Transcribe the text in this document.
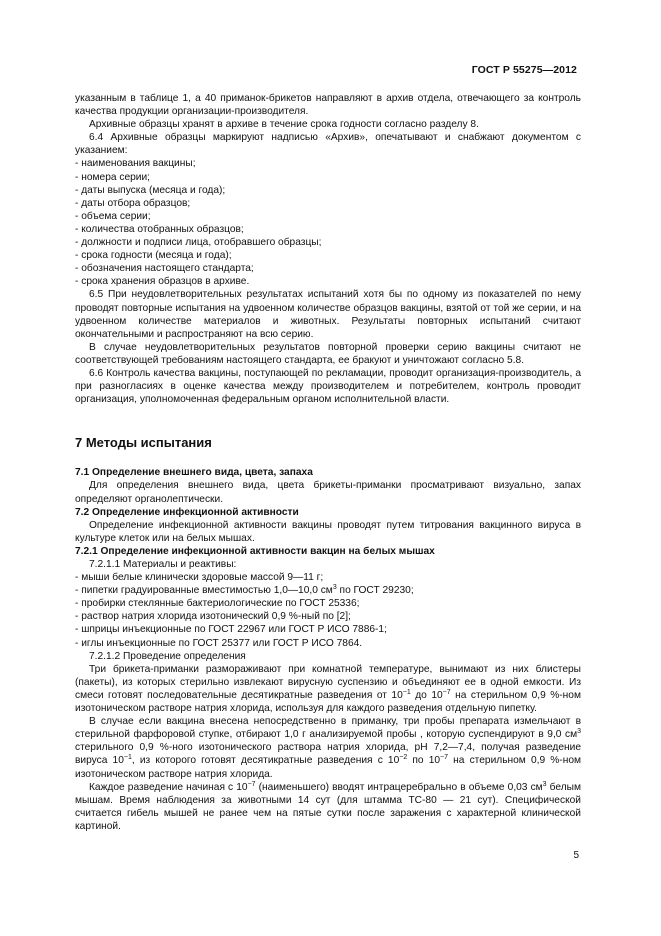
ГОСТ Р 55275—2012

указанным в таблице 1, а 40 приманок-брикетов направляют в архив отдела, отвечающего за контроль качества продукции организации-производителя.

Архивные образцы хранят в архиве в течение срока годности согласно разделу 8.

6.4 Архивные образцы маркируют надписью «Архив», опечатывают и снабжают документом с указанием:

- наименования вакцины;

- номера серии;

- даты выпуска (месяца и года);

- даты отбора образцов;

- объема серии;

- количества отобранных образцов;

- должности и подписи лица, отобравшего образцы;

- срока годности (месяца и года);

- обозначения настоящего стандарта;

- срока хранения образцов в архиве.

6.5 При неудовлетворительных результатах испытаний хотя бы по одному из показателей по нему проводят повторные испытания на удвоенном количестве образцов вакцины, взятой от той же серии, и на удвоенном количестве материалов и животных. Результаты повторных испытаний считают окончательными и распространяют на всю серию.

В случае неудовлетворительных результатов повторной проверки серию вакцины считают не соответствующей требованиям настоящего стандарта, ее бракуют и уничтожают согласно 5.8.

6.6 Контроль качества вакцины, поступающей по рекламации, проводит организация-производитель, а при разногласиях в оценке качества между производителем и потребителем, контроль проводит организация, уполномоченная федеральным органом исполнительной власти.

7 Методы испытания

7.1 Определение внешнего вида, цвета, запаха

Для определения внешнего вида, цвета брикеты-приманки просматривают визуально, запах определяют органолептически.

7.2 Определение инфекционной активности

Определение инфекционной активности вакцины проводят путем титрования вакцинного вируса в культуре клеток или на белых мышах.

7.2.1 Определение инфекционной активности вакцин на белых мышах

7.2.1.1 Материалы и реактивы:

- мыши белые клинически здоровые массой 9—11 г;

- пипетки градуированные вместимостью 1,0—10,0 $см^3$ по ГОСТ 29230;

- пробирки стеклянные бактериологические по ГОСТ 25336;

- раствор натрия хлорида изотонический 0,9 %-ный по [2];

- шприцы инъекционные по ГОСТ 22967 или ГОСТ Р ИСО 7886-1;

- иглы инъекционные по ГОСТ 25377 или ГОСТ Р ИСО 7864.

7.2.1.2 Проведение определения

Три брикета-приманки размораживают при комнатной температуре, вынимают из них блистеры (пакеты), из которых стерильно извлекают вирусную суспензию и объединяют ее в одной емкости. Из смеси готовят последовательные десятикратные разведения от $10^{-1}$ до $10^{-7}$ на стерильном 0,9 %-ном изотоническом растворе натрия хлорида, используя для каждого разведения отдельную пипетку.

В случае если вакцина внесена непосредственно в приманку, три пробы препарата измельчают в стерильной фарфоровой ступке, отбирают 1,0 г анализируемой пробы , которую суспендируют в 9,0 $см^3$ стерильного 0,9 %-ного изотонического раствора натрия хлорида, рН 7,2—7,4, получая разведение вируса $10^{-1}$, из которого готовят десятикратные разведения с $10^{-2}$ по $10^{-7}$ на стерильном 0,9 %-ном изотоническом растворе натрия хлорида.

Каждое разведение начиная с $10^{-7}$ (наименьшего) вводят интрацеребрально в объеме 0,03 $см^3$ белым мышам. Время наблюдения за животными 14 сут (для штамма ТС-80 — 21 сут). Специфической считается гибель мышей не ранее чем на пятые сутки после заражения с характерной клинической картиной.

5
